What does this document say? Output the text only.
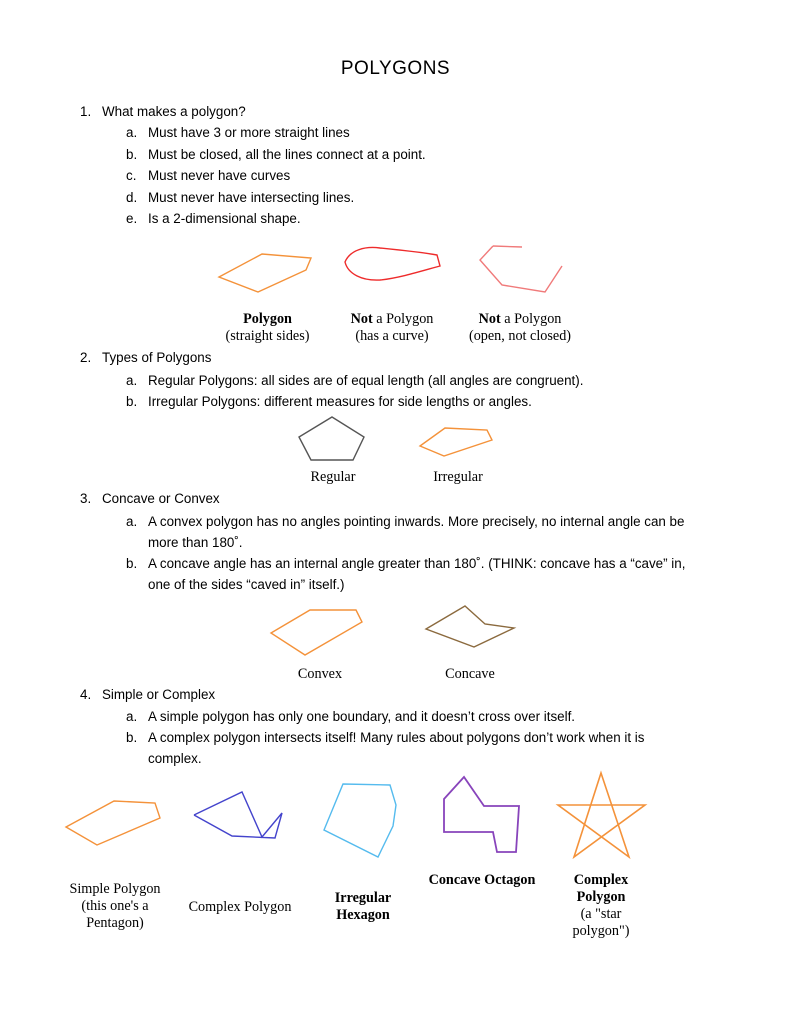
POLYGONS
1. What makes a polygon?
a. Must have 3 or more straight lines
b. Must be closed, all the lines connect at a point.
c. Must never have curves
d. Must never have intersecting lines.
e. Is a 2-dimensional shape.
Polygon
(straight sides)
Not a Polygon
(has a curve)
Not a Polygon
(open, not closed)
2. Types of Polygons
a. Regular Polygons: all sides are of equal length (all angles are congruent).
b. Irregular Polygons: different measures for side lengths or angles.
Regular	Irregular
3. Concave or Convex
a. A convex polygon has no angles pointing inwards. More precisely, no internal angle can be
more than 180˚.
b. A concave angle has an internal angle greater than 180˚. (THINK: concave has a “cave” in,
one of the sides “caved in” itself.)
Convex	Concave
4. Simple or Complex
a. A simple polygon has only one boundary, and it doesn’t cross over itself.
b. A complex polygon intersects itself! Many rules about polygons don’t work when it is
complex.
Simple Polygon
(this one's a
Pentagon)
Complex Polygon
Irregular
Hexagon
Concave Octagon	Complex
Polygon
(a "star
polygon")
